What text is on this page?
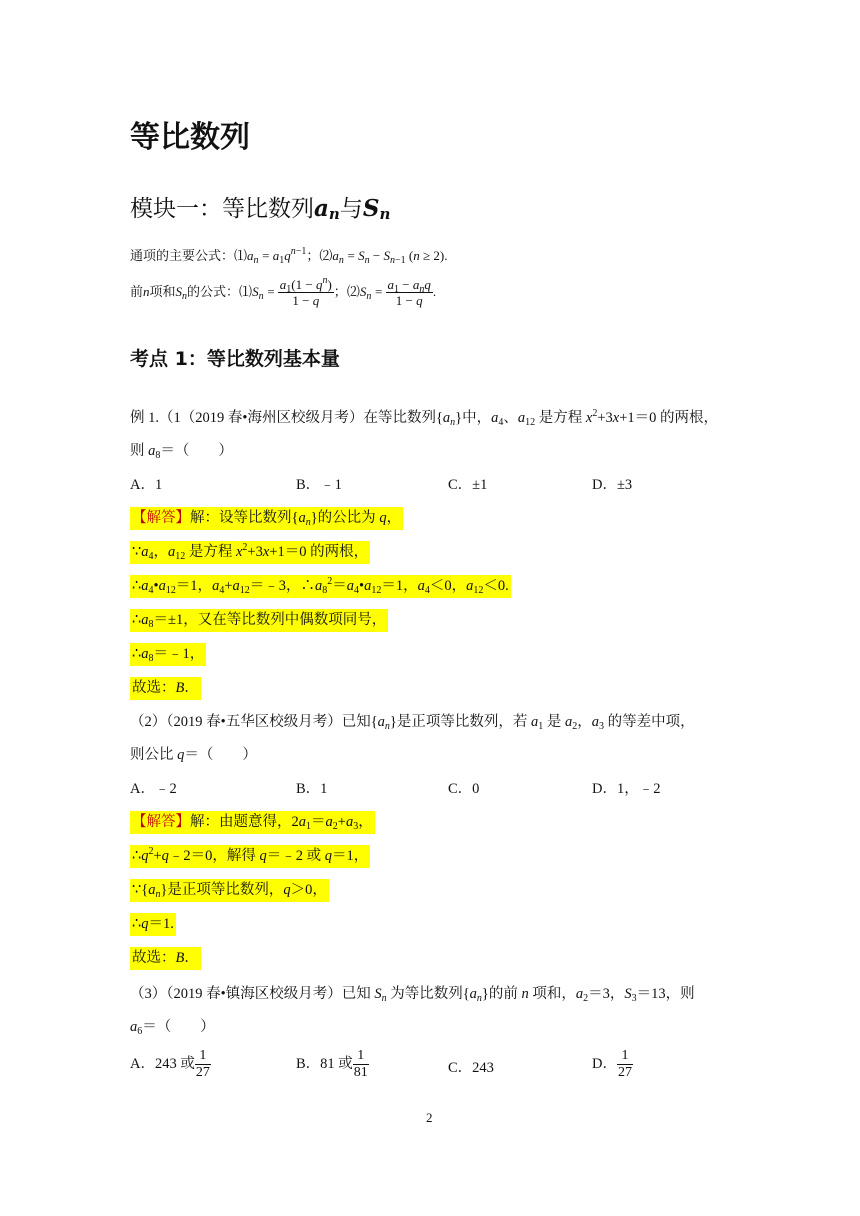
等比数列
模块一：等比数列$a_n$与$S_n$
通项的主要公式：$⑴a_n = a_1q^{n-1}$；$⑵a_n = S_n - S_{n-1}$ (n ≥ 2).
前n项和$S_n$的公式：$⑴S_n = \frac{a_1(1 - q^n)}{1 - q}$ ；$⑵S_n = \frac{a_1 - a_nq}{1 - q}$ .
考点 1：等比数列基本量
例 1.（1（2019 春•海州区校级月考）在等比数列$\{a_n\}$中，$a_4$、$a_{12}$ 是方程 $x^2+3x+1=0$ 的两根，
则 $a_8=$（　　）
A．1	B．﹣1	C．±1	D．±3
【解答】解：设等比数列$\{a_n\}$的公比为 q，
$\because a_4$，$a_{12}$ 是方程 $x^2+3x+1=0$ 的两根，
$\therefore a_4•a_{12}=1$，$a_4+a_{12}=﹣3$，$\therefore a_8^2=a_4•a_{12}=1$，$a_4<0$，$a_{12}<0$.
$\therefore a_8=\pm 1$，又在等比数列中偶数项同号，
$\therefore a_8=﹣1$，
故选：B．
（2）（2019 春•五华区校级月考）已知$\{a_n\}$是正项等比数列，若 $a_1$ 是 $a_2$，$a_3$ 的等差中项，
则公比 q＝（　　）
A．﹣2	B．1	C．0	D．1，﹣2
【解答】解：由题意得，$2a_1=a_2+a_3$，
$\therefore q^2+q﹣2=0$，解得 q＝﹣2 或 q＝1，
$\because\{a_n\}$是正项等比数列，q＞0，
∴q＝1.
故选：B．
（3）（2019 春•镇海区校级月考）已知 $S_n$ 为等比数列$\{a_n\}$的前 n 项和，$a_2=3$，$S_3=13$，则
$a_6=$（　　）
A．243 或 $\frac{1}{27}$	B．81 或 $\frac{1}{81}$	C．243	D． $\frac{1}{27}$
2
